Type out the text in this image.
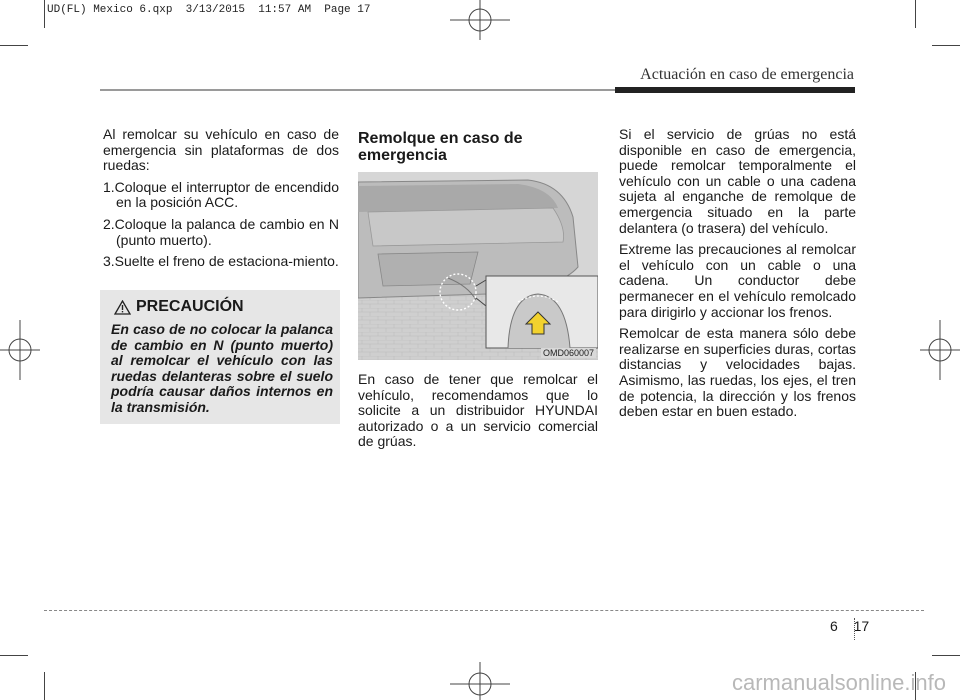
UD(FL) Mexico 6.qxp  3/13/2015  11:57 AM  Page 17
Actuación en caso de emergencia

Al remolcar su vehículo en caso de emergencia sin plataformas de dos ruedas:

1.Coloque el interruptor de encendido en la posición ACC.
2.Coloque la palanca de cambio en N (punto muerto).
3.Suelte el freno de estaciona-miento.
PRECAUCIÓN
En caso de no colocar la palanca de cambio en N (punto muerto) al remolcar el vehículo con las ruedas delanteras sobre el suelo podría causar daños internos en la transmisión.
Remolque en caso de emergencia
OMD060007

En caso de tener que remolcar el vehículo, recomendamos que lo solicite a un distribuidor HYUNDAI autorizado o a un servicio comercial de grúas.

Si el servicio de grúas no está disponible en caso de emergencia, puede remolcar temporalmente el vehículo con un cable o una cadena sujeta al enganche de remolque de emergencia situado en la parte delantera (o trasera) del vehículo.

Extreme las precauciones al remolcar el vehículo con un cable o una cadena. Un conductor debe permanecer en el vehículo remolcado para dirigirlo y accionar los frenos.

Remolcar de esta manera sólo debe realizarse en superficies duras, cortas distancias y velocidades bajas. Asimismo, las ruedas, los ejes, el tren de potencia, la dirección y los frenos deben estar en buen estado.

6 17
carmanualsonline.info
